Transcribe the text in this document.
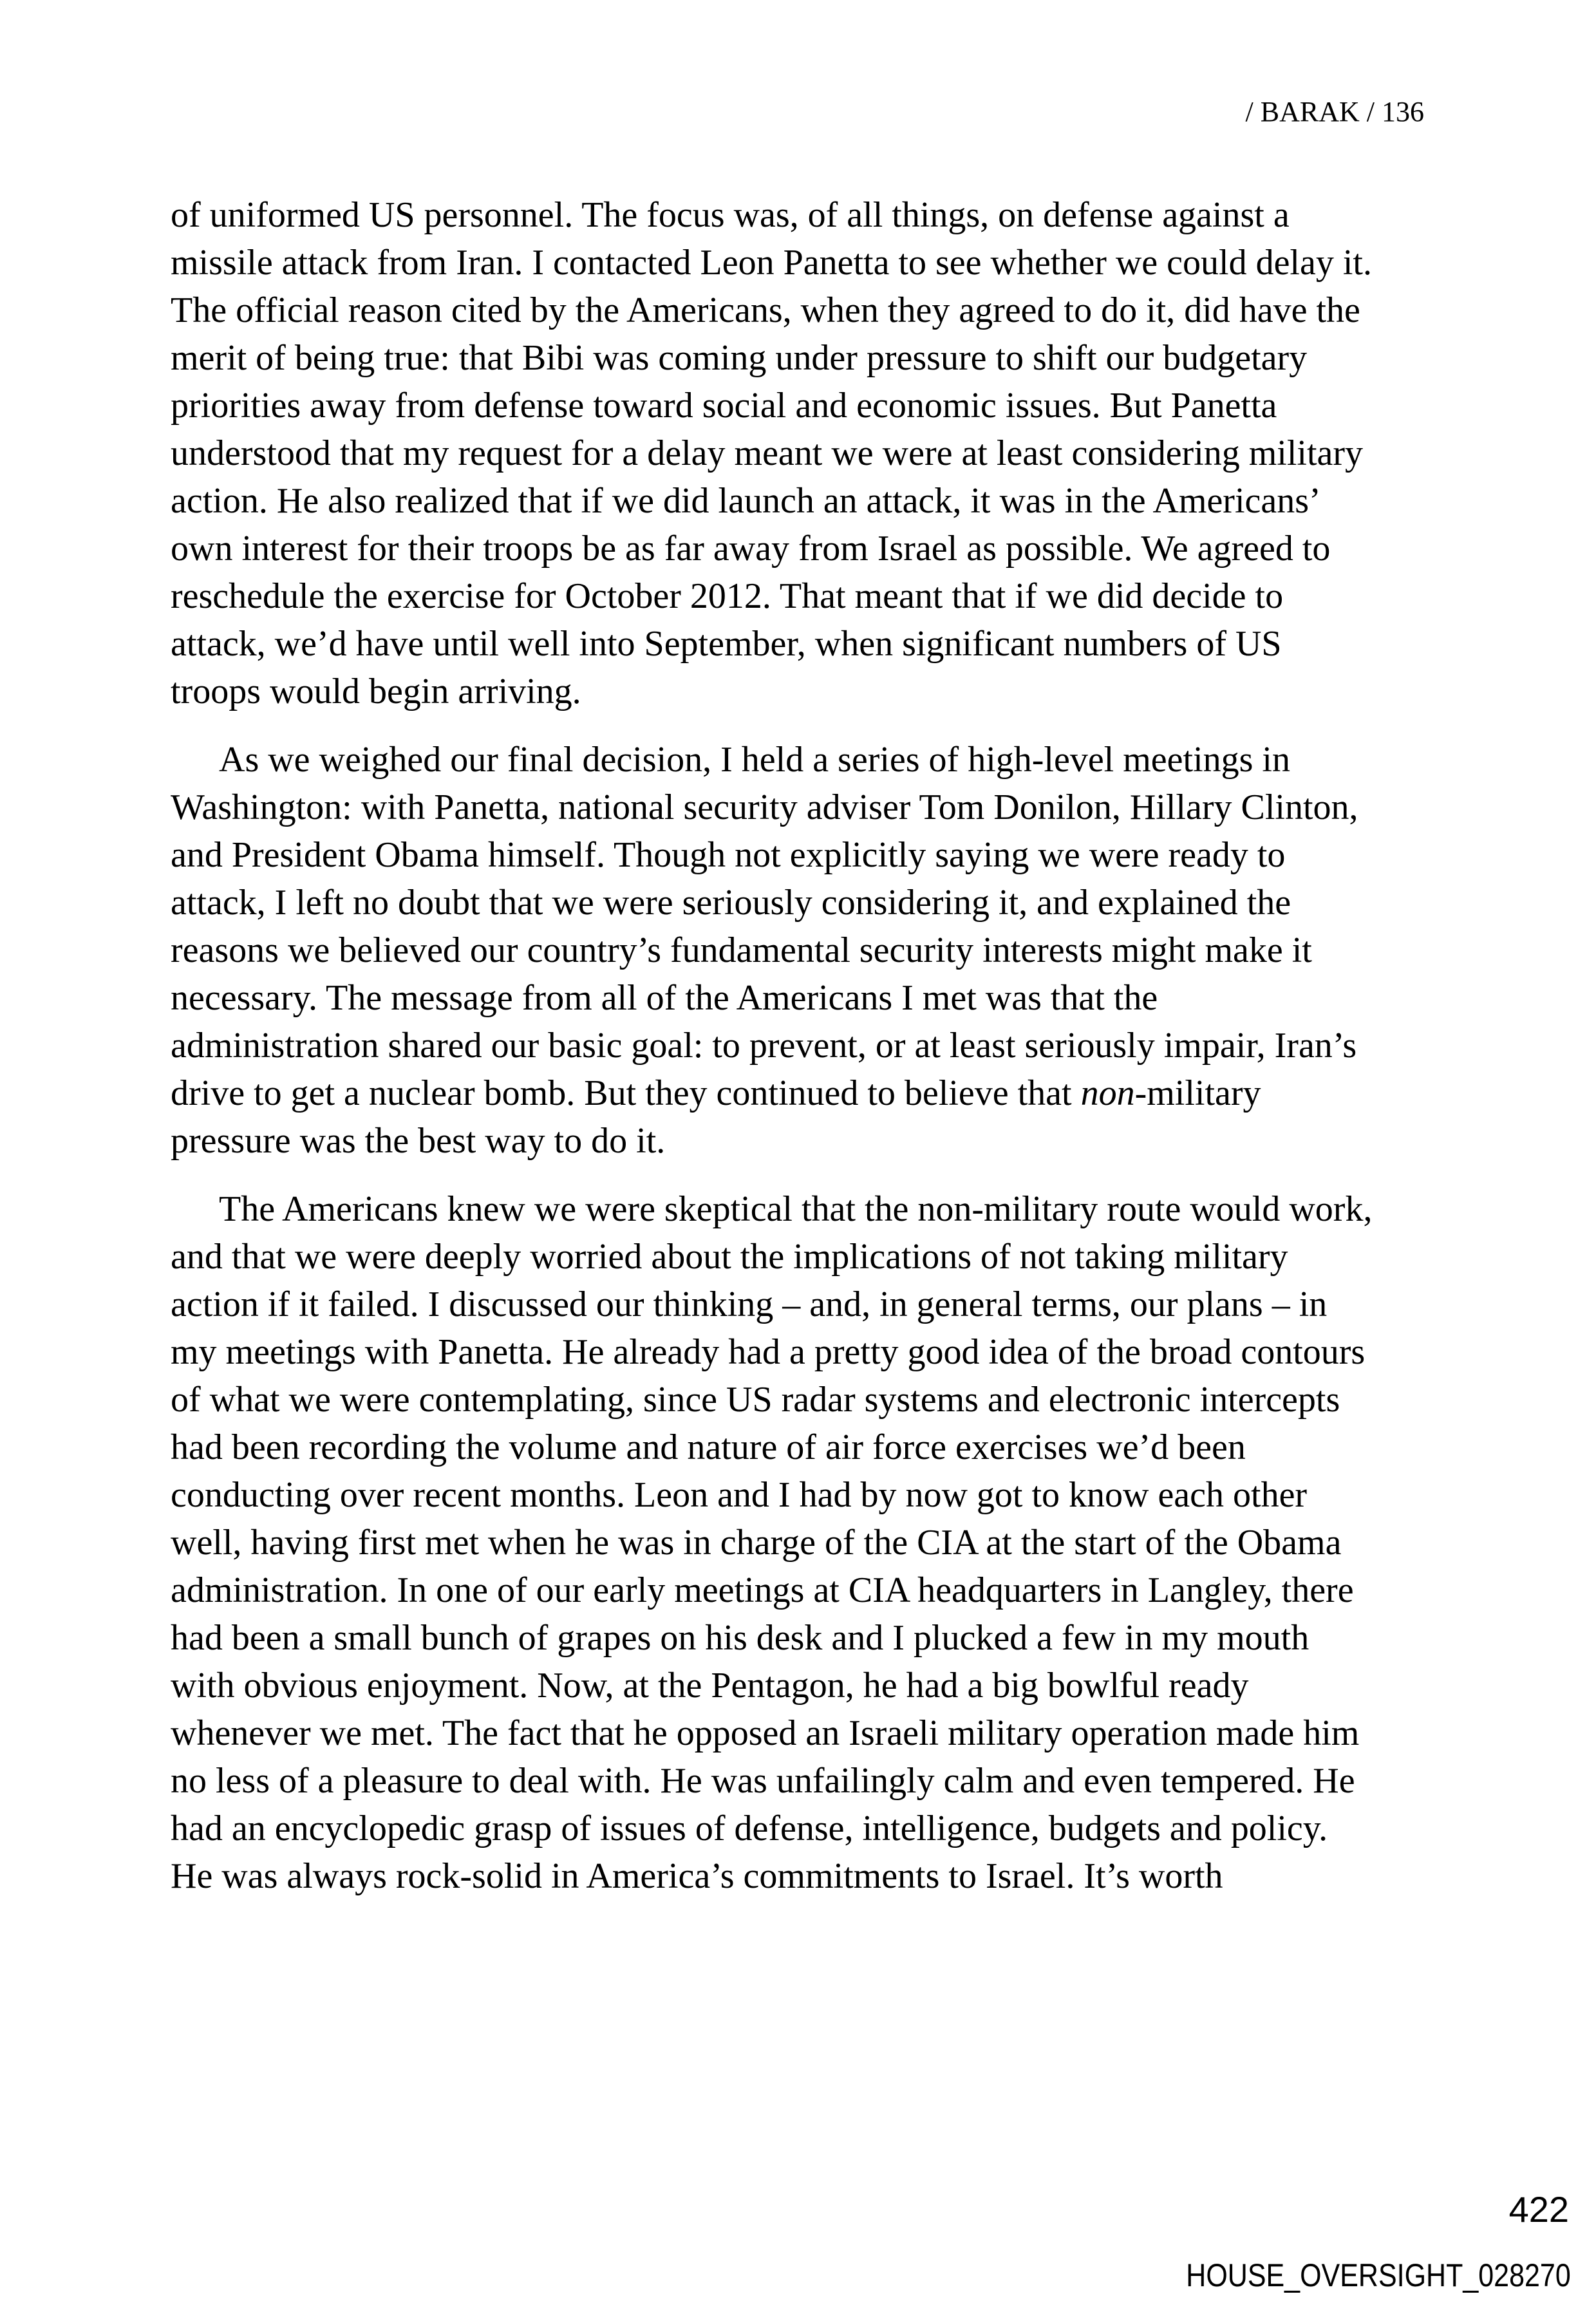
/ BARAK / 136

of uniformed US personnel. The focus was, of all things, on defense against a
missile attack from Iran. I contacted Leon Panetta to see whether we could delay it.
The official reason cited by the Americans, when they agreed to do it, did have the
merit of being true: that Bibi was coming under pressure to shift our budgetary
priorities away from defense toward social and economic issues. But Panetta
understood that my request for a delay meant we were at least considering military
action. He also realized that if we did launch an attack, it was in the Americans’
own interest for their troops be as far away from Israel as possible. We agreed to
reschedule the exercise for October 2012. That meant that if we did decide to
attack, we’d have until well into September, when significant numbers of US
troops would begin arriving.

As we weighed our final decision, I held a series of high-level meetings in
Washington: with Panetta, national security adviser Tom Donilon, Hillary Clinton,
and President Obama himself. Though not explicitly saying we were ready to
attack, I left no doubt that we were seriously considering it, and explained the
reasons we believed our country’s fundamental security interests might make it
necessary. The message from all of the Americans I met was that the
administration shared our basic goal: to prevent, or at least seriously impair, Iran’s
drive to get a nuclear bomb. But they continued to believe that non-military
pressure was the best way to do it.

The Americans knew we were skeptical that the non-military route would work,
and that we were deeply worried about the implications of not taking military
action if it failed. I discussed our thinking – and, in general terms, our plans – in
my meetings with Panetta. He already had a pretty good idea of the broad contours
of what we were contemplating, since US radar systems and electronic intercepts
had been recording the volume and nature of air force exercises we’d been
conducting over recent months. Leon and I had by now got to know each other
well, having first met when he was in charge of the CIA at the start of the Obama
administration. In one of our early meetings at CIA headquarters in Langley, there
had been a small bunch of grapes on his desk and I plucked a few in my mouth
with obvious enjoyment. Now, at the Pentagon, he had a big bowlful ready
whenever we met. The fact that he opposed an Israeli military operation made him
no less of a pleasure to deal with. He was unfailingly calm and even tempered. He
had an encyclopedic grasp of issues of defense, intelligence, budgets and policy.
He was always rock-solid in America’s commitments to Israel. It’s worth

422
HOUSE_OVERSIGHT_028270
